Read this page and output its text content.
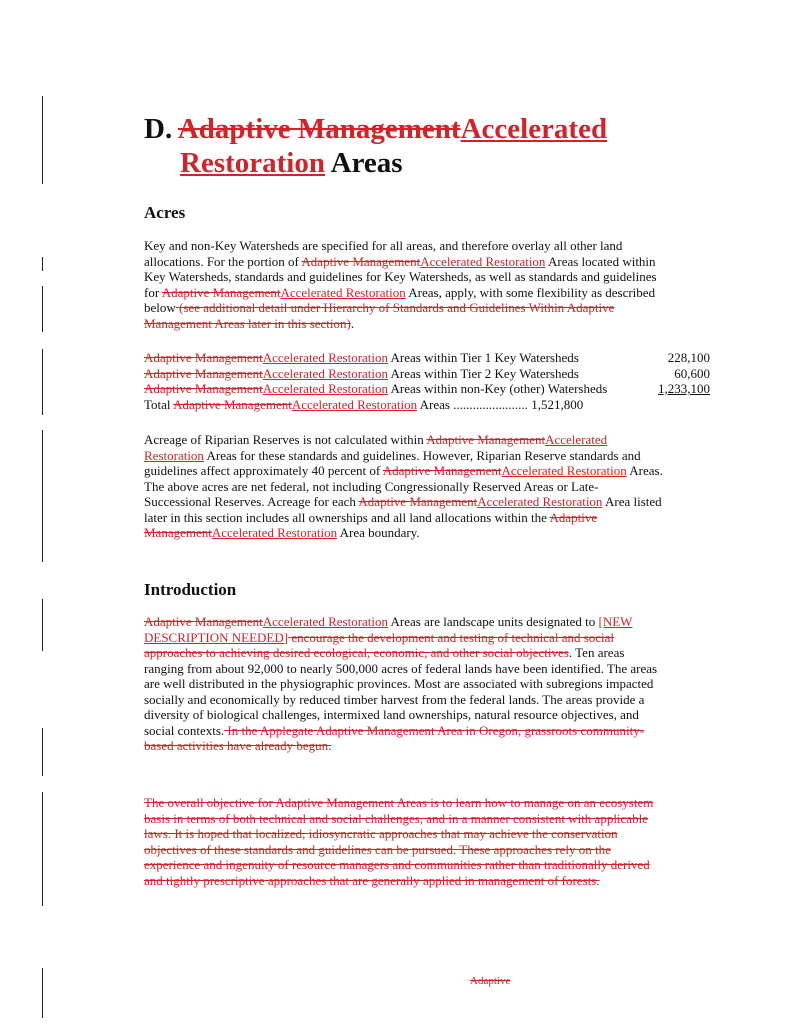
D. Adaptive ManagementAccelerated
Restoration Areas
Acres
Key and non-Key Watersheds are specified for all areas, and therefore overlay all other land allocations. For the portion of Adaptive ManagementAccelerated Restoration Areas located within Key Watersheds, standards and guidelines for Key Watersheds, as well as standards and guidelines for Adaptive ManagementAccelerated Restoration Areas, apply, with some flexibility as described below (see additional detail under Hierarchy of Standards and Guidelines Within Adaptive Management Areas later in this section).
Adaptive ManagementAccelerated Restoration Areas within Tier 1 Key Watersheds	228,100
Adaptive ManagementAccelerated Restoration Areas within Tier 2 Key Watersheds	60,600
Adaptive ManagementAccelerated Restoration Areas within non-Key (other) Watersheds	1,233,100
Total Adaptive ManagementAccelerated Restoration Areas ....................... 1,521,800
Acreage of Riparian Reserves is not calculated within Adaptive ManagementAccelerated Restoration Areas for these standards and guidelines. However, Riparian Reserve standards and guidelines affect approximately 40 percent of Adaptive ManagementAccelerated Restoration Areas. The above acres are net federal, not including Congressionally Reserved Areas or Late-Successional Reserves. Acreage for each Adaptive ManagementAccelerated Restoration Area listed later in this section includes all ownerships and all land allocations within the Adaptive ManagementAccelerated Restoration Area boundary.
Introduction
Adaptive ManagementAccelerated Restoration Areas are landscape units designated to [NEW DESCRIPTION NEEDED] encourage the development and testing of technical and social approaches to achieving desired ecological, economic, and other social objectives. Ten areas ranging from about 92,000 to nearly 500,000 acres of federal lands have been identified. The areas are well distributed in the physiographic provinces. Most are associated with subregions impacted socially and economically by reduced timber harvest from the federal lands. The areas provide a diversity of biological challenges, intermixed land ownerships, natural resource objectives, and social contexts. In the Applegate Adaptive Management Area in Oregon, grassroots community-based activities have already begun.
The overall objective for Adaptive Management Areas is to learn how to manage on an ecosystem basis in terms of both technical and social challenges, and in a manner consistent with applicable laws. It is hoped that localized, idiosyncratic approaches that may achieve the conservation objectives of these standards and guidelines can be pursued. These approaches rely on the experience and ingenuity of resource managers and communities rather than traditionally derived and tightly prescriptive approaches that are generally applied in management of forests.
Adaptive
